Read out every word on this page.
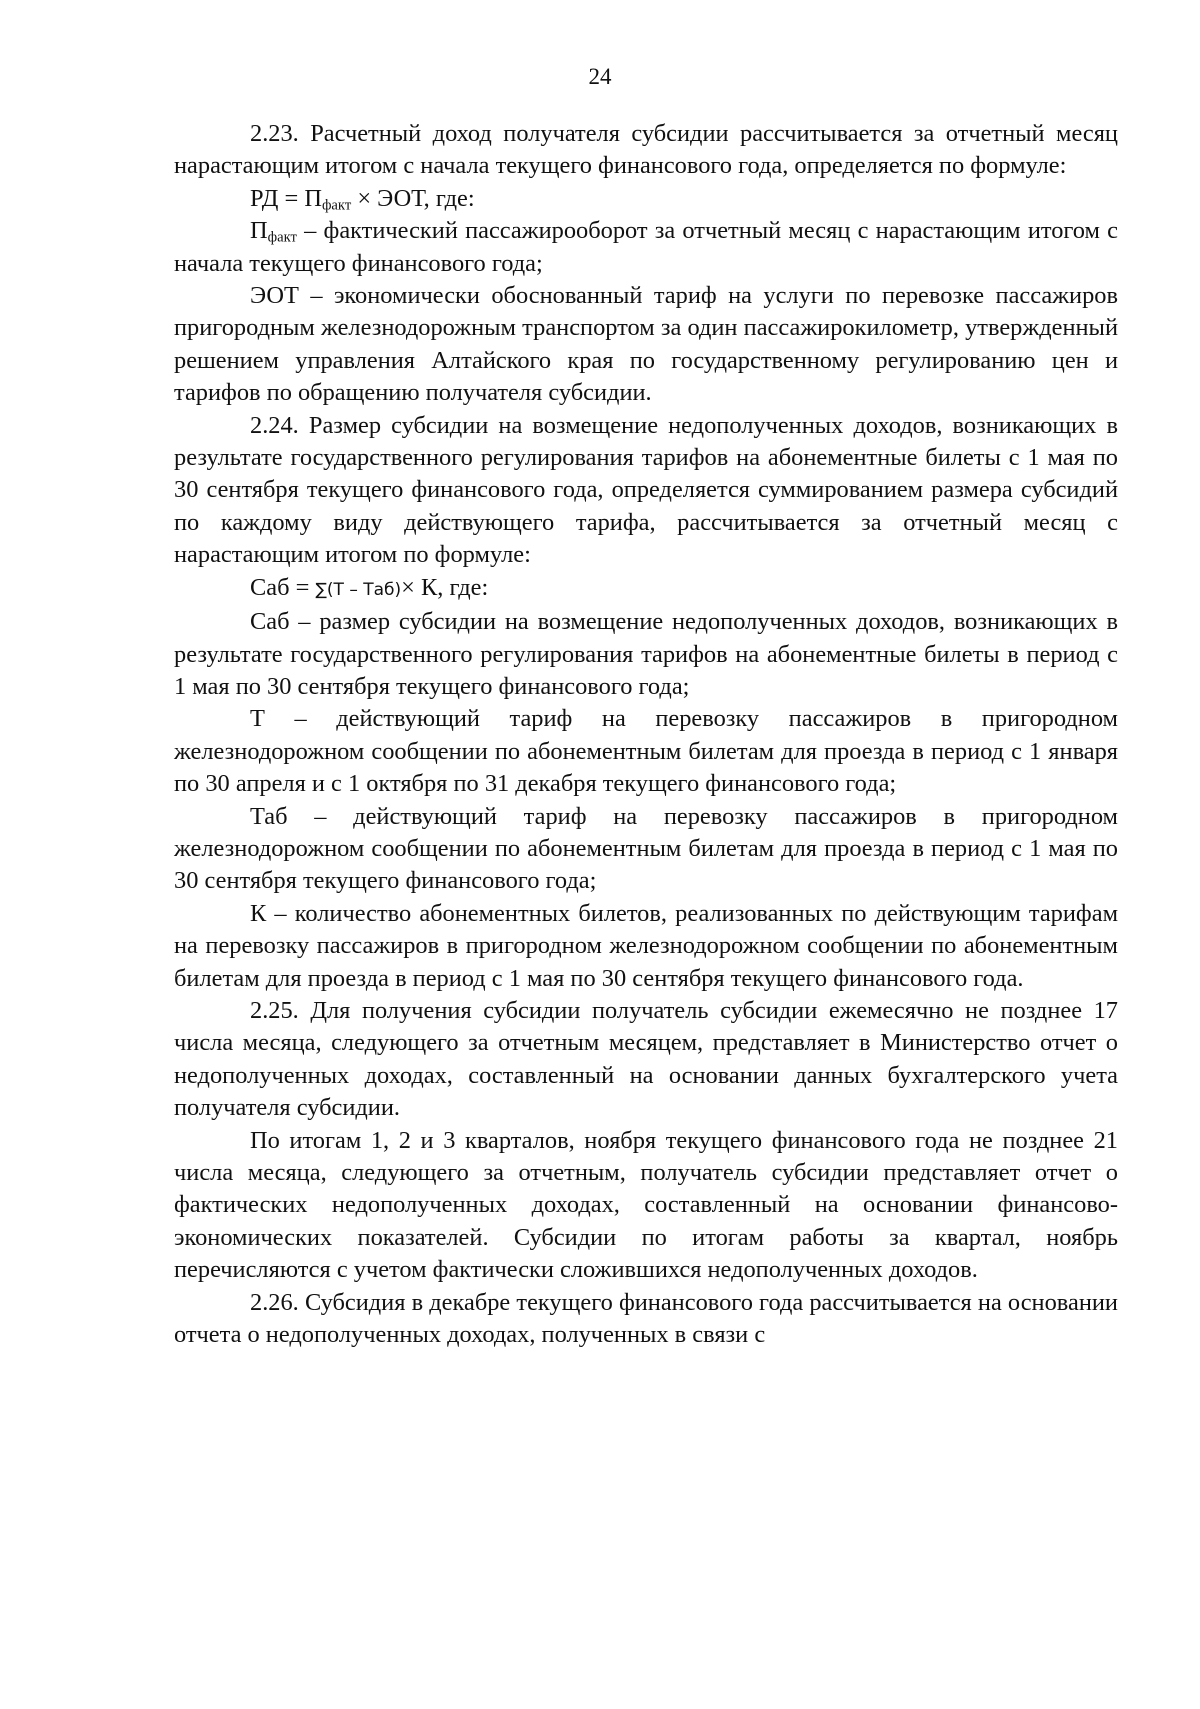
24

2.23. Расчетный доход получателя субсидии рассчитывается за отчетный месяц нарастающим итогом с начала текущего финансового года, определяется по формуле:

РД = $П_{факт}$ × ЭОТ, где:

$П_{факт}$ – фактический пассажирооборот за отчетный месяц с нарастающим итогом с начала текущего финансового года;

ЭОТ – экономически обоснованный тариф на услуги по перевозке пассажиров пригородным железнодорожным транспортом за один пассажирокилометр, утвержденный решением управления Алтайского края по государственному регулированию цен и тарифов по обращению получателя субсидии.

2.24. Размер субсидии на возмещение недополученных доходов, возникающих в результате государственного регулирования тарифов на абонементные билеты с 1 мая по 30 сентября текущего финансового года, определяется суммированием размера субсидий по каждому виду действующего тарифа, рассчитывается за отчетный месяц с нарастающим итогом по формуле:

Саб = ∑(Т – Таб)× К, где:

Саб – размер субсидии на возмещение недополученных доходов, возникающих в результате государственного регулирования тарифов на абонементные билеты в период с 1 мая по 30 сентября текущего финансового года;

Т – действующий тариф на перевозку пассажиров в пригородном железнодорожном сообщении по абонементным билетам для проезда в период с 1 января по 30 апреля и с 1 октября по 31 декабря текущего финансового года;

Таб – действующий тариф на перевозку пассажиров в пригородном железнодорожном сообщении по абонементным билетам для проезда в период с 1 мая по 30 сентября текущего финансового года;

К – количество абонементных билетов, реализованных по действующим тарифам на перевозку пассажиров в пригородном железнодорожном сообщении по абонементным билетам для проезда в период с 1 мая по 30 сентября текущего финансового года.

2.25. Для получения субсидии получатель субсидии ежемесячно не позднее 17 числа месяца, следующего за отчетным месяцем, представляет в Министерство отчет о недополученных доходах, составленный на основании данных бухгалтерского учета получателя субсидии.

По итогам 1, 2 и 3 кварталов, ноября текущего финансового года не позднее 21 числа месяца, следующего за отчетным, получатель субсидии представляет отчет о фактических недополученных доходах, составленный на основании финансово-экономических показателей. Субсидии по итогам работы за квартал, ноябрь перечисляются с учетом фактически сложившихся недополученных доходов.

2.26. Субсидия в декабре текущего финансового года рассчитывается на основании отчета о недополученных доходах, полученных в связи с
